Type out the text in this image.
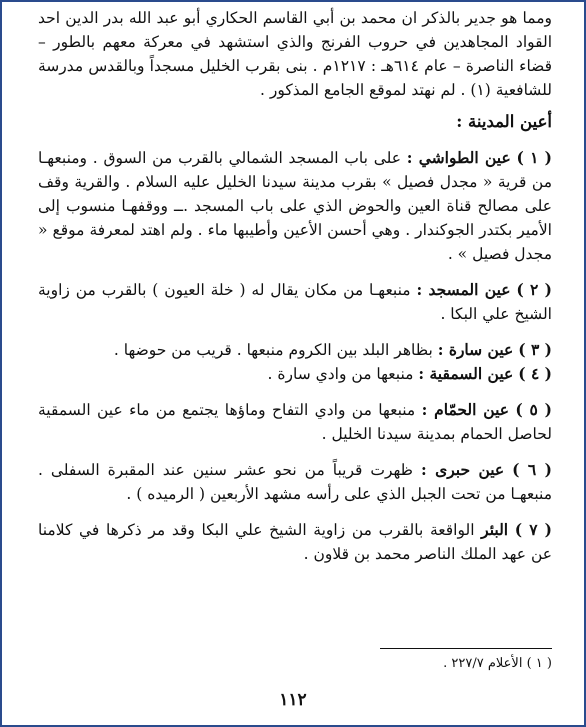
ومما هو جدير بالذكر ان محمد بن أبي القاسم الحكاري أبو عبد الله بدر الدين احد القواد المجاهدين في حروب الفرنج والذي استشهد في معركة معهم بالطور – قضاء الناصرة – عام ٦١٤هـ : ١٢١٧م . بنى بقرب الخليل مسجداً وبالقدس مدرسة للشافعية (١) . لم نهتد لموقع الجامع المذكور .

أعين المدينة :

( ١ ) عين الطواشي : على باب المسجد الشمالي بالقرب من السوق . ومنبعهـا من قرية « مجدل فصيل » بقرب مدينة سيدنا الخليل عليه السلام . والقرية وقف على مصالح قناة العين والحوض الذي على باب المسجد .ــ ووقفهـا منسوب إلى الأمير بكتدر الجوكندار . وهي أحسن الأعين وأطيبها ماء . ولم اهتد لمعرفة موقع « مجدل فصيل » .

( ٢ ) عين المسجد : منبعهـا من مكان يقال له ( خلة العيون ) بالقرب من زاوية الشيخ علي البكا .

( ٣ ) عين سارة : بظاهر البلد بين الكروم منبعها . قريب من حوضها .

( ٤ ) عين السمقية : منبعها من وادي سارة .

( ٥ ) عين الحمّام : منبعها من وادي التفاح وماؤها يجتمع من ماء عين السمقية لحاصل الحمام بمدينة سيدنا الخليل .

( ٦ ) عين حبرى : ظهرت قريباً من نحو عشر سنين عند المقبرة السفلى . منبعهـا من تحت الجبل الذي على رأسه مشهد الأربعين ( الرميده ) .

( ٧ ) البئر الواقعة بالقرب من زاوية الشيخ علي البكا وقد مر ذكرها في كلامنا عن عهد الملك الناصر محمد بن قلاون .

( ١ ) الأعلام ٢٢٧/٧ .
١١٢
